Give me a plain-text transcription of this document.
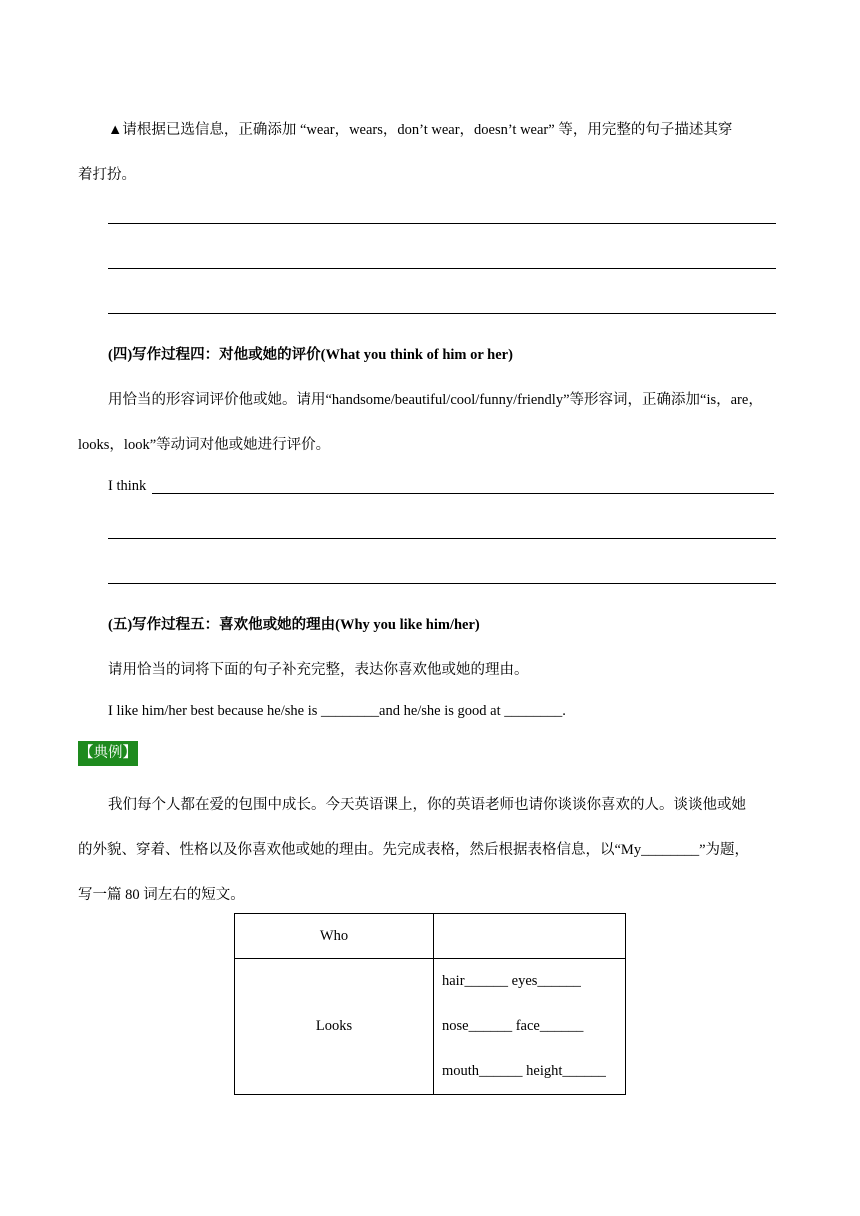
▲请根据已选信息，正确添加 “wear，wears，don’t wear，doesn’t wear” 等，用完整的句子描述其穿
着打扮。
(四)写作过程四：对他或她的评价(What you think of him or her)
用恰当的形容词评价他或她。请用“handsome/beautiful/cool/funny/friendly”等形容词，正确添加“is，are，
looks，look”等动词对他或她进行评价。
I think
(五)写作过程五：喜欢他或她的理由(Why you like him/her)
请用恰当的词将下面的句子补充完整，表达你喜欢他或她的理由。
I like him/her best because he/she is ________and he/she is good at ________.
【典例】
我们每个人都在爱的包围中成长。今天英语课上，你的英语老师也请你谈谈你喜欢的人。谈谈他或她
的外貌、穿着、性格以及你喜欢他或她的理由。先完成表格，然后根据表格信息，以“My________”为题，
写一篇 80 词左右的短文。
Who	
Looks	hair______ eyes______
nose______ face______
mouth______ height______
